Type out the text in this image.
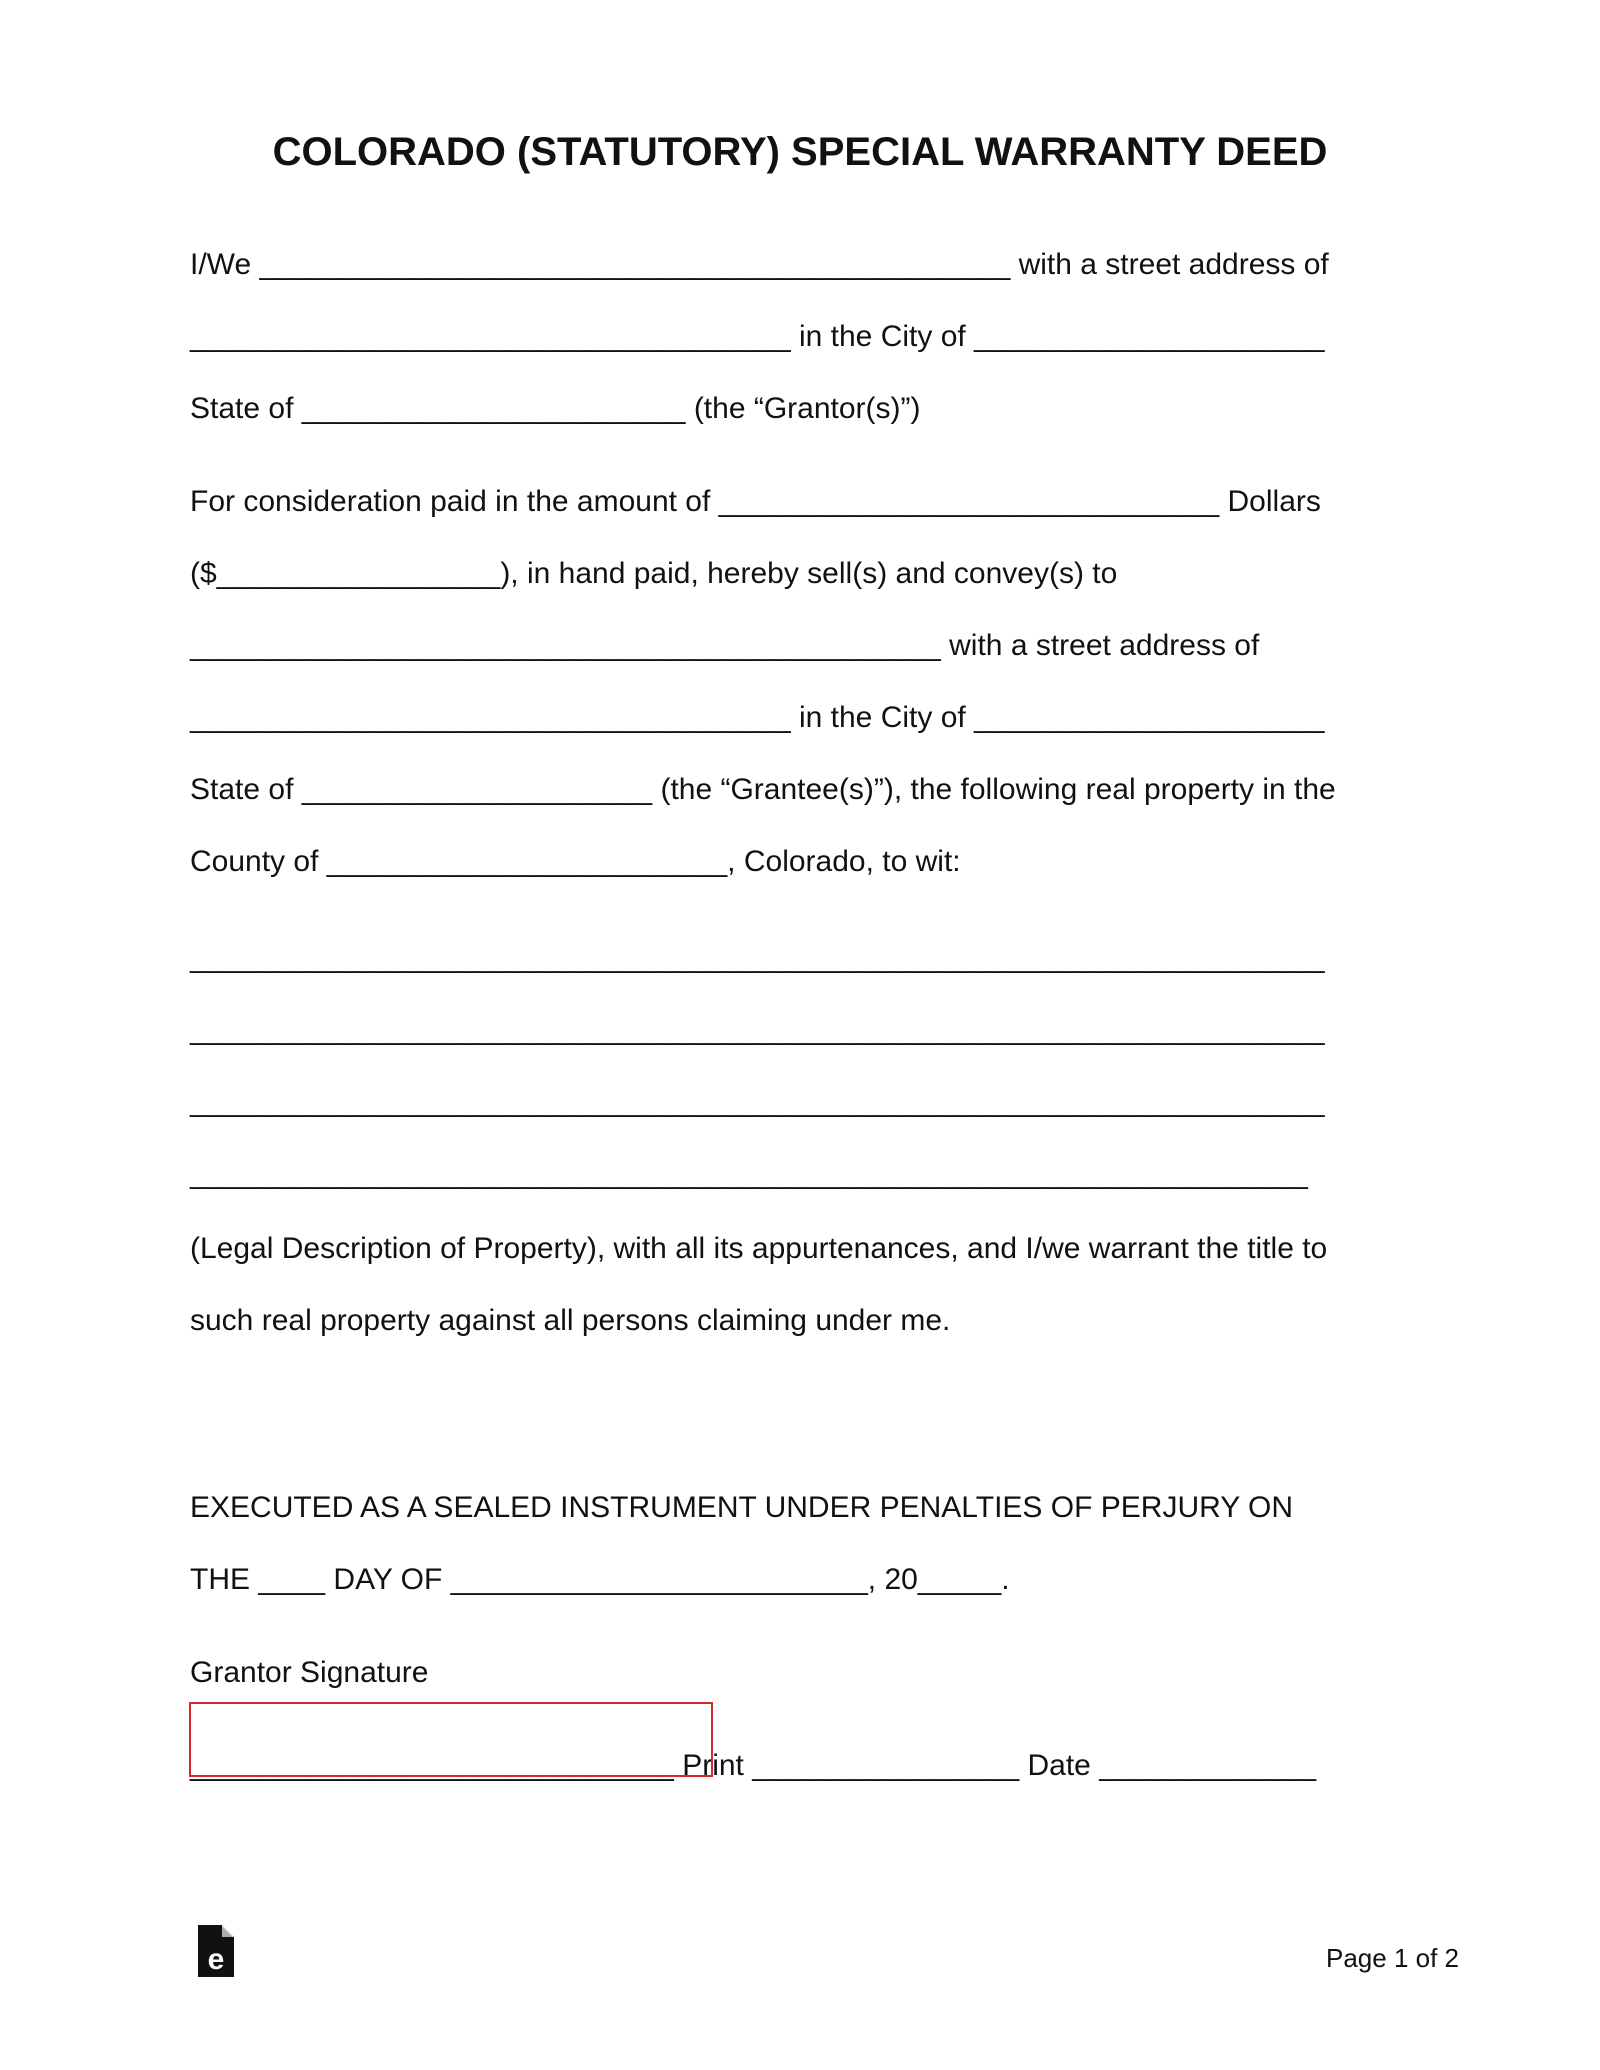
COLORADO (STATUTORY) SPECIAL WARRANTY DEED
I/We _____________________________________________ with a street address of
____________________________________ in the City of _____________________
State of _______________________ (the “Grantor(s)”)
For consideration paid in the amount of ______________________________ Dollars
($_________________), in hand paid, hereby sell(s) and convey(s) to
_____________________________________________ with a street address of
____________________________________ in the City of _____________________
State of _____________________ (the “Grantee(s)”), the following real property in the
County of ________________________, Colorado, to wit:
____________________________________________________________________
____________________________________________________________________
____________________________________________________________________
___________________________________________________________________
(Legal Description of Property), with all its appurtenances, and I/we warrant the title to
such real property against all persons claiming under me.
EXECUTED AS A SEALED INSTRUMENT UNDER PENALTIES OF PERJURY ON
THE ____ DAY OF _________________________, 20_____.
Grantor Signature
_____________________________ Print ________________ Date _____________
e	Page 1 of 2
